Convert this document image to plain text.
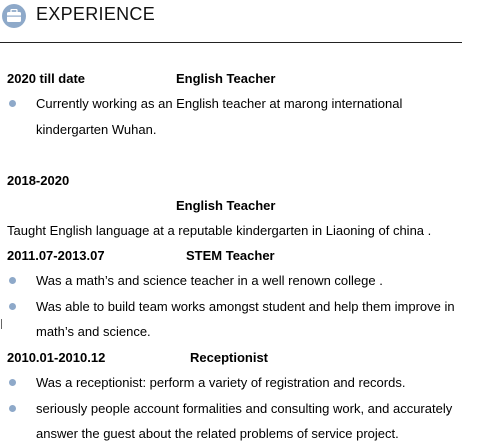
EXPERIENCE
2020 till date	English Teacher
Currently working as an English teacher at marong international
kindergarten Wuhan.
2018-2020
English Teacher
Taught English language at a reputable kindergarten in Liaoning of china .
2011.07-2013.07	STEM Teacher
Was a math’s and science teacher in a well renown college .
Was able to build team works amongst student and help them improve in
math’s and science.
2010.01-2010.12	Receptionist
Was a receptionist: perform a variety of registration and records.
seriously people account formalities and consulting work, and accurately
answer the guest about the related problems of service project.
